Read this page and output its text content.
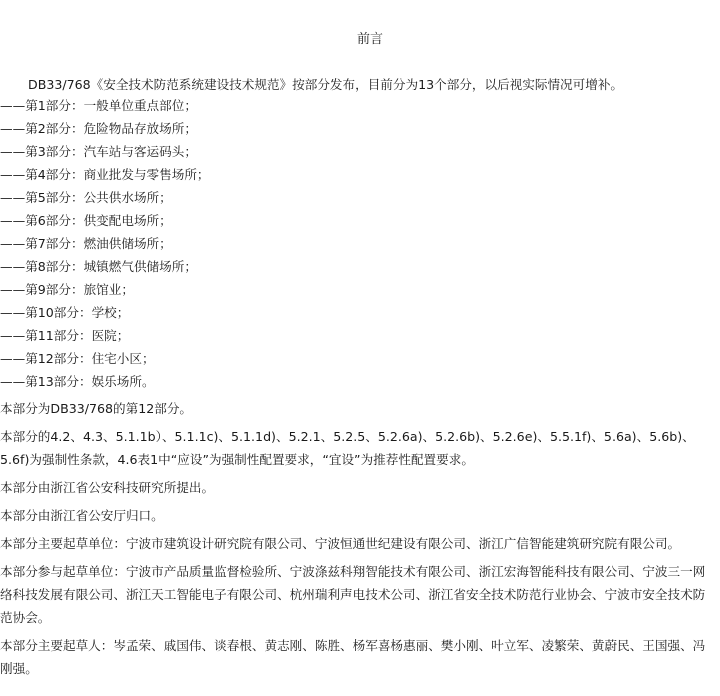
前言
DB33/768《安全技术防范系统建设技术规范》按部分发布，目前分为13个部分，以后视实际情况可增补。
——第1部分：一般单位重点部位；
——第2部分：危险物品存放场所；
——第3部分：汽车站与客运码头；
——第4部分：商业批发与零售场所；
——第5部分：公共供水场所；
——第6部分：供变配电场所；
——第7部分：燃油供储场所；
——第8部分：城镇燃气供储场所；
——第9部分：旅馆业；
——第10部分：学校；
——第11部分：医院；
——第12部分：住宅小区；
——第13部分：娱乐场所。

本部分为DB33/768的第12部分。

本部分的4.2、4.3、5.1.1b）、5.1.1c)、5.1.1d)、5.2.1、5.2.5、5.2.6a)、5.2.6b)、5.2.6e)、5.5.1f)、5.6a)、5.6b)、5.6f)为强制性条款，4.6表1中“应设”为强制性配置要求，“宜设”为推荐性配置要求。

本部分由浙江省公安科技研究所提出。

本部分由浙江省公安厅归口。

本部分主要起草单位：宁波市建筑设计研究院有限公司、宁波恒通世纪建设有限公司、浙江广信智能建筑研究院有限公司。

本部分参与起草单位：宁波市产品质量监督检验所、宁波涤兹科翔智能技术有限公司、浙江宏海智能科技有限公司、宁波三一网络科技发展有限公司、浙江天工智能电子有限公司、杭州瑞利声电技术公司、浙江省安全技术防范行业协会、宁波市安全技术防范协会。

本部分主要起草人：岑孟荣、戚国伟、谈春根、黄志刚、陈胜、杨军喜杨惠丽、樊小刚、叶立军、凌繁荣、黄蔚民、王国强、冯刚强。
